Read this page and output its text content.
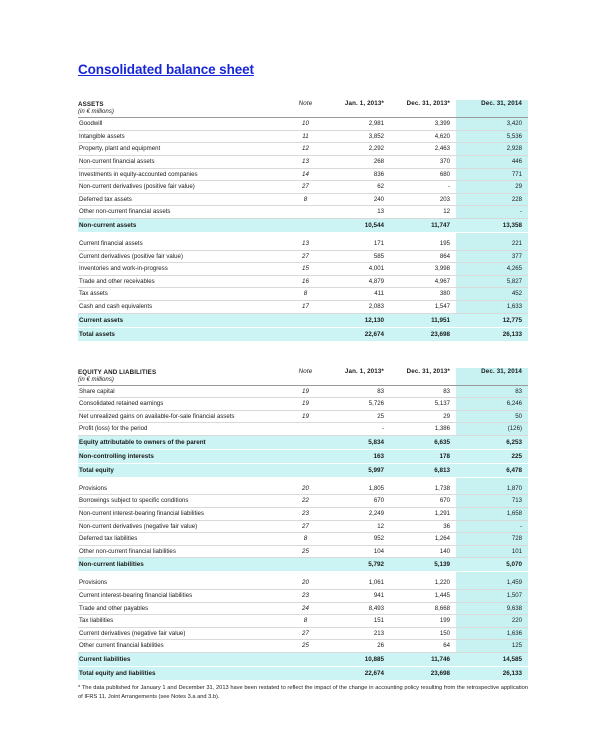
Consolidated balance sheet
ASSETS	Note	Jan. 1, 2013*	Dec. 31, 2013*	Dec. 31, 2014
(in € millions)				

Goodwill	10	2,981	3,399	3,420
Intangible assets	11	3,852	4,620	5,536
Property, plant and equipment	12	2,292	2,463	2,928
Non-current financial assets	13	268	370	446
Investments in equity-accounted companies	14	836	680	771
Non-current derivatives (positive fair value)	27	62	-	29
Deferred tax assets	8	240	203	228
Other non-current financial assets		13	12	-
Non-current assets		10,544	11,747	13,358

Current financial assets	13	171	195	221
Current derivatives (positive fair value)	27	585	864	377
Inventories and work-in-progress	15	4,001	3,998	4,265
Trade and other receivables	16	4,879	4,967	5,827
Tax assets	8	411	380	452
Cash and cash equivalents	17	2,083	1,547	1,633
Current assets		12,130	11,951	12,775
Total assets		22,674	23,698	26,133
EQUITY AND LIABILITIES	Note	Jan. 1, 2013*	Dec. 31, 2013*	Dec. 31, 2014
(in € millions)				

Share capital	19	83	83	83
Consolidated retained earnings	19	5,726	5,137	6,246
Net unrealized gains on available-for-sale financial assets	19	25	29	50
Profit (loss) for the period		-	1,386	(126)
Equity attributable to owners of the parent		5,834	6,635	6,253
Non-controlling interests		163	178	225
Total equity		5,997	6,813	6,478

Provisions	20	1,805	1,738	1,870
Borrowings subject to specific conditions	22	670	670	713
Non-current interest-bearing financial liabilities	23	2,249	1,291	1,658
Non-current derivatives (negative fair value)	27	12	36	-
Deferred tax liabilities	8	952	1,264	728
Other non-current financial liabilities	25	104	140	101
Non-current liabilities		5,792	5,139	5,070

Provisions	20	1,061	1,220	1,459
Current interest-bearing financial liabilities	23	941	1,445	1,507
Trade and other payables	24	8,493	8,668	9,638
Tax liabilities	8	151	199	220
Current derivatives (negative fair value)	27	213	150	1,636
Other current financial liabilities	25	26	64	125
Current liabilities		10,885	11,746	14,585
Total equity and liabilities		22,674	23,698	26,133

* The data published for January 1 and December 31, 2013 have been restated to reflect the impact of the change in accounting policy resulting from the retrospective application of IFRS 11, Joint Arrangements (see Notes 3.a and 3.b).
